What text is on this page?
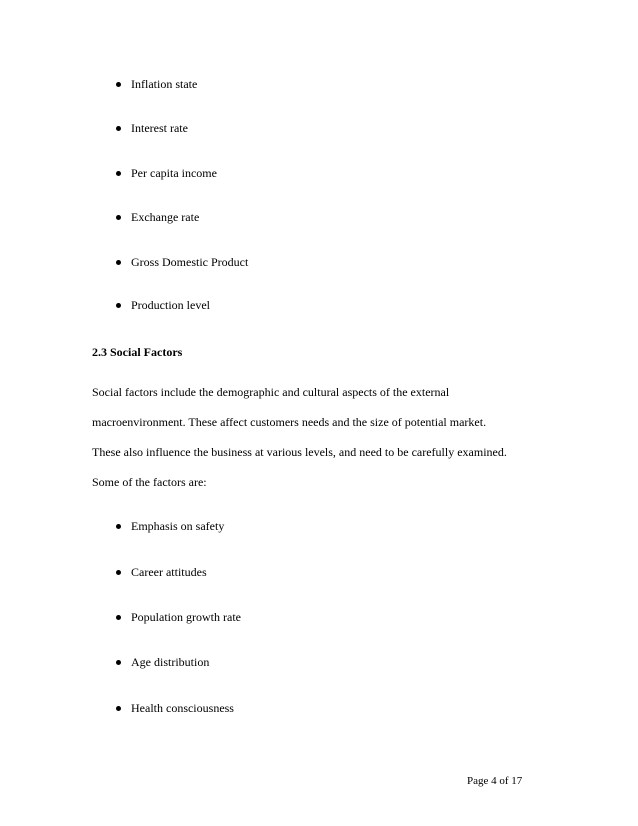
Inflation state
Interest rate
Per capita income
Exchange rate
Gross Domestic Product
Production level
2.3 Social Factors
Social factors include the demographic and cultural aspects of the external
macroenvironment. These affect customers needs and the size of potential market.
These also influence the business at various levels, and need to be carefully examined.
Some of the factors are:
Emphasis on safety
Career attitudes
Population growth rate
Age distribution
Health consciousness
Page 4 of 17
